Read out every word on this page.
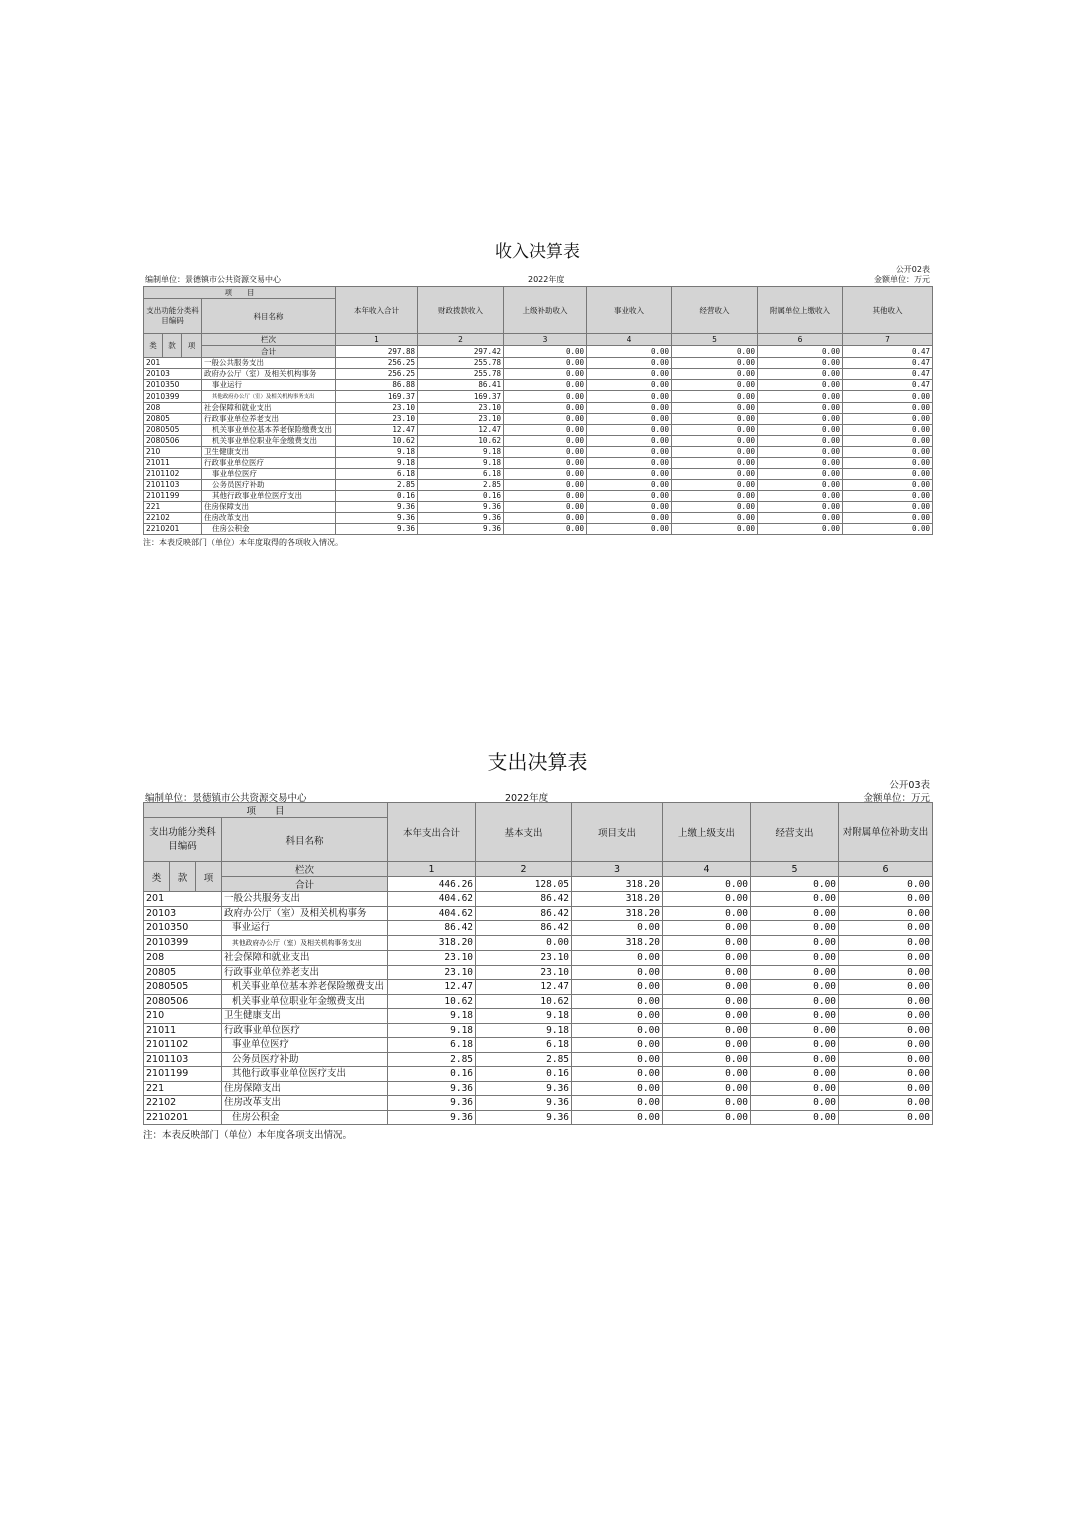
收入决算表
公开02表
编制单位：景德镇市公共资源交易中心	2022年度	金额单位：万元
项　　目				本年收入合计	财政拨款收入	上级补助收入	事业收入	经营收入	附属单位上缴收入	其他收入
支出功能分类科目编码			科目名称							

类	款	项	栏次	1	2	3	4	5	6	7
			合计	297.88	297.42	0.00	0.00	0.00	0.00	0.47
201			一般公共服务支出	256.25	255.78	0.00	0.00	0.00	0.00	0.47
20103			政府办公厅（室）及相关机构事务	256.25	255.78	0.00	0.00	0.00	0.00	0.47
2010350			事业运行	86.88	86.41	0.00	0.00	0.00	0.00	0.47
2010399			其他政府办公厅（室）及相关机构事务支出	169.37	169.37	0.00	0.00	0.00	0.00	0.00
208			社会保障和就业支出	23.10	23.10	0.00	0.00	0.00	0.00	0.00
20805			行政事业单位养老支出	23.10	23.10	0.00	0.00	0.00	0.00	0.00
2080505			机关事业单位基本养老保险缴费支出	12.47	12.47	0.00	0.00	0.00	0.00	0.00
2080506			机关事业单位职业年金缴费支出	10.62	10.62	0.00	0.00	0.00	0.00	0.00
210			卫生健康支出	9.18	9.18	0.00	0.00	0.00	0.00	0.00
21011			行政事业单位医疗	9.18	9.18	0.00	0.00	0.00	0.00	0.00
2101102			事业单位医疗	6.18	6.18	0.00	0.00	0.00	0.00	0.00
2101103			公务员医疗补助	2.85	2.85	0.00	0.00	0.00	0.00	0.00
2101199			其他行政事业单位医疗支出	0.16	0.16	0.00	0.00	0.00	0.00	0.00
221			住房保障支出	9.36	9.36	0.00	0.00	0.00	0.00	0.00
22102			住房改革支出	9.36	9.36	0.00	0.00	0.00	0.00	0.00
2210201			住房公积金	9.36	9.36	0.00	0.00	0.00	0.00	0.00
注：本表反映部门（单位）本年度取得的各项收入情况。
支出决算表
公开03表
编制单位：景德镇市公共资源交易中心	2022年度	金额单位：万元
项　　目				本年支出合计	基本支出	项目支出	上缴上级支出	经营支出	对附属单位补助支出
支出功能分类科目编码			科目名称						

类	款	项	栏次	1	2	3	4	5	6
			合计	446.26	128.05	318.20	0.00	0.00	0.00
201			一般公共服务支出	404.62	86.42	318.20	0.00	0.00	0.00
20103			政府办公厅（室）及相关机构事务	404.62	86.42	318.20	0.00	0.00	0.00
2010350			事业运行	86.42	86.42	0.00	0.00	0.00	0.00
2010399			其他政府办公厅（室）及相关机构事务支出	318.20	0.00	318.20	0.00	0.00	0.00
208			社会保障和就业支出	23.10	23.10	0.00	0.00	0.00	0.00
20805			行政事业单位养老支出	23.10	23.10	0.00	0.00	0.00	0.00
2080505			机关事业单位基本养老保险缴费支出	12.47	12.47	0.00	0.00	0.00	0.00
2080506			机关事业单位职业年金缴费支出	10.62	10.62	0.00	0.00	0.00	0.00
210			卫生健康支出	9.18	9.18	0.00	0.00	0.00	0.00
21011			行政事业单位医疗	9.18	9.18	0.00	0.00	0.00	0.00
2101102			事业单位医疗	6.18	6.18	0.00	0.00	0.00	0.00
2101103			公务员医疗补助	2.85	2.85	0.00	0.00	0.00	0.00
2101199			其他行政事业单位医疗支出	0.16	0.16	0.00	0.00	0.00	0.00
221			住房保障支出	9.36	9.36	0.00	0.00	0.00	0.00
22102			住房改革支出	9.36	9.36	0.00	0.00	0.00	0.00
2210201			住房公积金	9.36	9.36	0.00	0.00	0.00	0.00
注：本表反映部门（单位）本年度各项支出情况。
